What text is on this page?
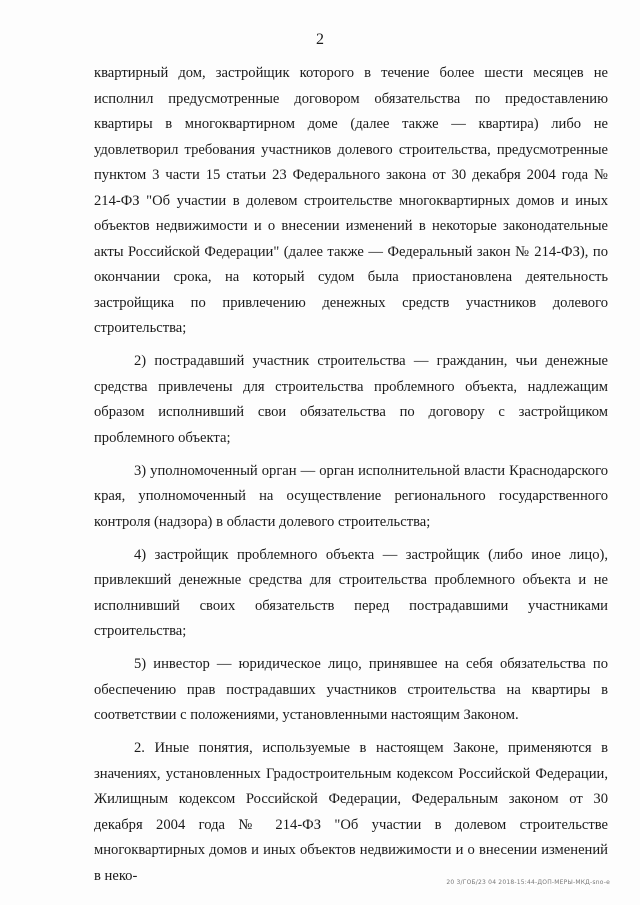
2

квартирный дом, застройщик которого в течение более шести месяцев не исполнил предусмотренные договором обязательства по предоставлению квартиры в многоквартирном доме (далее также — квартира) либо не удовлетворил требования участников долевого строительства, предусмотренные пунктом 3 части 15 статьи 23 Федерального закона от 30 декабря 2004 года № 214-ФЗ "Об участии в долевом строительстве многоквартирных домов и иных объектов недвижимости и о внесении изменений в некоторые законодательные акты Российской Федерации" (далее также — Федеральный закон № 214-ФЗ), по окончании срока, на который судом была приостановлена деятельность застройщика по привлечению денежных средств участников долевого строительства;

2) пострадавший участник строительства — гражданин, чьи денежные средства привлечены для строительства проблемного объекта, надлежащим образом исполнивший свои обязательства по договору с застройщиком проблемного объекта;

3) уполномоченный орган — орган исполнительной власти Краснодарского края, уполномоченный на осуществление регионального государственного контроля (надзора) в области долевого строительства;

4) застройщик проблемного объекта — застройщик (либо иное лицо), привлекший денежные средства для строительства проблемного объекта и не исполнивший своих обязательств перед пострадавшими участниками строительства;

5) инвестор — юридическое лицо, принявшее на себя обязательства по обеспечению прав пострадавших участников строительства на квартиры в соответствии с положениями, установленными настоящим Законом.

2. Иные понятия, используемые в настоящем Законе, применяются в значениях, установленных Градостроительным кодексом Российской Федерации, Жилищным кодексом Российской Федерации, Федеральным законом от 30 декабря 2004 года № 214-ФЗ "Об участии в долевом строительстве многоквартирных домов и иных объектов недвижимости и о внесении изменений в неко-	20 3/ГОБ/23 04 2018-15:44-ДОП-МЕРЫ-МКД-sno-e
